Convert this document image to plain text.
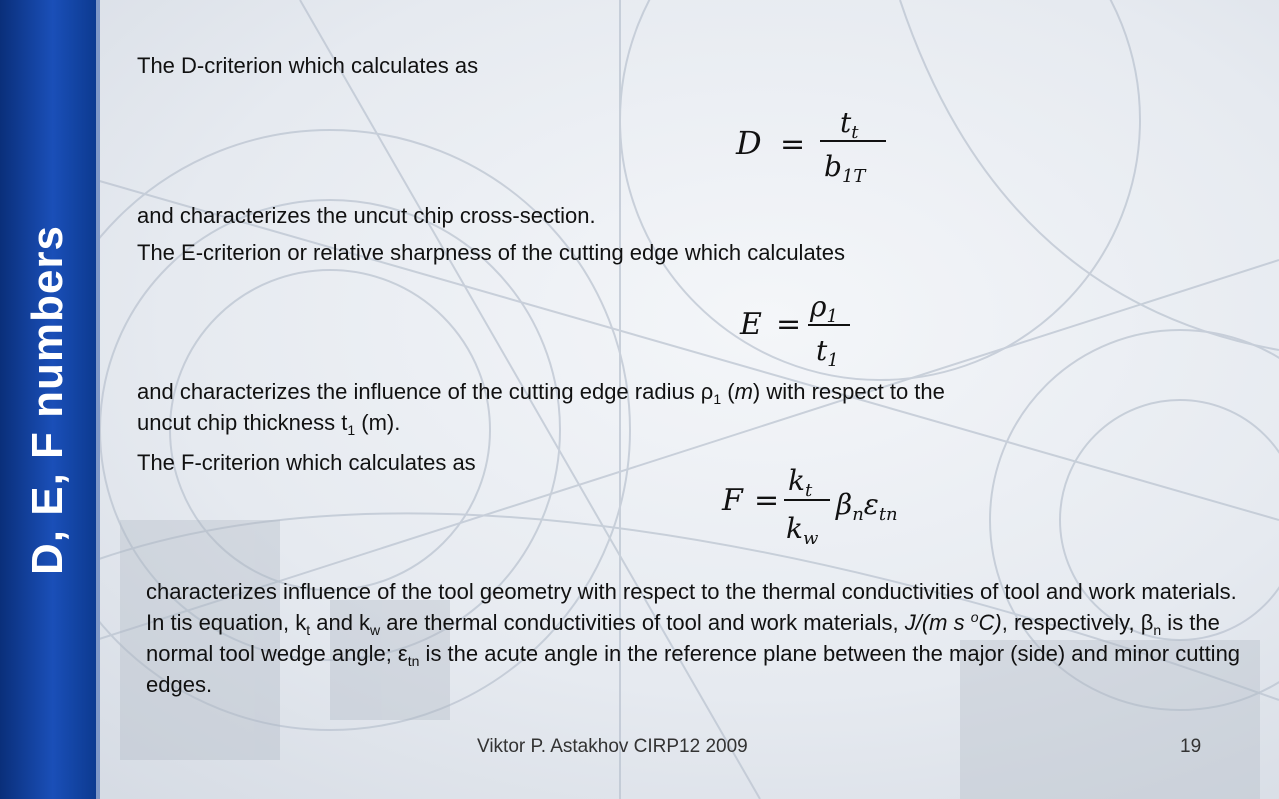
D, E, F numbers
The D-criterion which calculates as
D =
$t_t$
$b_{1T}$
and characterizes the uncut chip cross-section.
The E-criterion or relative sharpness of the cutting edge which calculates
E =
$\rho_1$
$t_1$
and characterizes the influence of the cutting edge radius $\rho_1$ (m) with respect to the
uncut chip thickness $t_1$ (m).
The F-criterion which calculates as
F =
$k_t$
$k_w$
$\beta_n\varepsilon_{tn}$
characterizes influence of the tool geometry with respect to the thermal conductivities of tool and work materials. In tis equation, $k_t$ and $k_w$ are thermal conductivities of tool and work materials, J/(m s $^o$C), respectively, $\beta_n$ is the normal tool wedge angle; $\varepsilon_{tn}$ is the acute angle in the reference plane between the major (side) and minor cutting edges.
Viktor P. Astakhov CIRP12 2009	19
